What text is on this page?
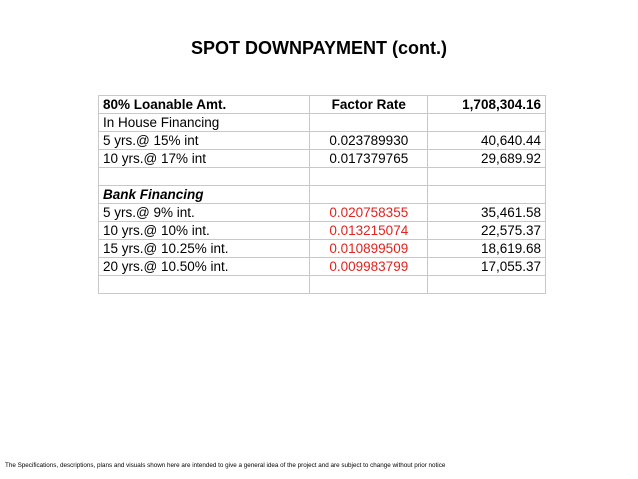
SPOT DOWNPAYMENT (cont.)
80% Loanable Amt.	Factor Rate	1,708,304.16
In House Financing		
5 yrs.@ 15% int	0.023789930	40,640.44
10 yrs.@ 17% int	0.017379765	29,689.92

Bank Financing		
5 yrs.@ 9% int.	0.020758355	35,461.58
10 yrs.@ 10% int.	0.013215074	22,575.37
15 yrs.@ 10.25% int.	0.010899509	18,619.68
20 yrs.@ 10.50% int.	0.009983799	17,055.37

The Specifications, descriptions, plans and visuals shown here are intended to give a general idea of the project and are subject to change without prior notice
